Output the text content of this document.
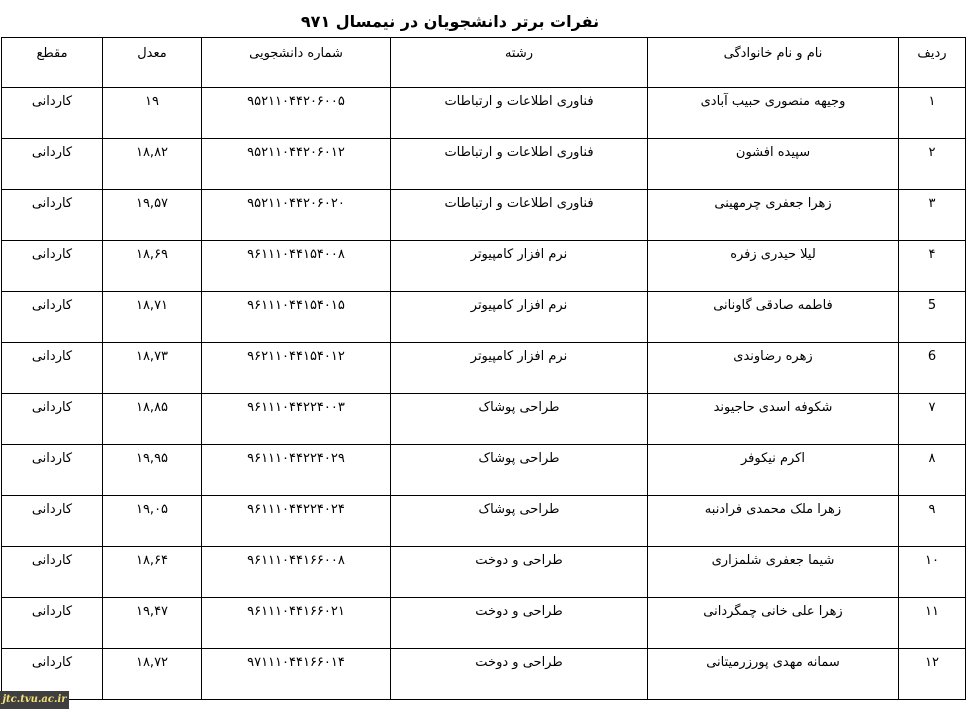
نفرات برتر دانشجویان در نیمسال ۹۷۱
ردیف	نام و نام خانوادگی	رشته	شماره دانشجویی	معدل	مقطع
۱	وجیهه منصوری حبیب آبادی	فناوری اطلاعات و ارتباطات	۹۵۲۱۱۰۴۴۲۰۶۰۰۵	۱۹	کاردانی
۲	سپیده افشون	فناوری اطلاعات و ارتباطات	۹۵۲۱۱۰۴۴۲۰۶۰۱۲	۱۸,۸۲	کاردانی
۳	زهرا جعفری چرمهینی	فناوری اطلاعات و ارتباطات	۹۵۲۱۱۰۴۴۲۰۶۰۲۰	۱۹,۵۷	کاردانی
۴	لیلا حیدری زفره	نرم افزار کامپیوتر	۹۶۱۱۱۰۴۴۱۵۴۰۰۸	۱۸,۶۹	کاردانی
5	فاطمه صادقی گاونانی	نرم افزار کامپیوتر	۹۶۱۱۱۰۴۴۱۵۴۰۱۵	۱۸,۷۱	کاردانی
6	زهره رضاوندی	نرم افزار کامپیوتر	۹۶۲۱۱۰۴۴۱۵۴۰۱۲	۱۸,۷۳	کاردانی
۷	شکوفه اسدی حاجیوند	طراحی پوشاک	۹۶۱۱۱۰۴۴۲۲۴۰۰۳	۱۸,۸۵	کاردانی
۸	اکرم نیکوفر	طراحی پوشاک	۹۶۱۱۱۰۴۴۲۲۴۰۲۹	۱۹,۹۵	کاردانی
۹	زهرا ملک محمدی فرادنبه	طراحی پوشاک	۹۶۱۱۱۰۴۴۲۲۴۰۲۴	۱۹,۰۵	کاردانی
۱۰	شیما جعفری شلمزاری	طراحی و دوخت	۹۶۱۱۱۰۴۴۱۶۶۰۰۸	۱۸,۶۴	کاردانی
۱۱	زهرا علی خانی چمگردانی	طراحی و دوخت	۹۶۱۱۱۰۴۴۱۶۶۰۲۱	۱۹,۴۷	کاردانی
۱۲	سمانه مهدی پورزرمیتانی	طراحی و دوخت	۹۷۱۱۱۰۴۴۱۶۶۰۱۴	۱۸,۷۲	کاردانی
jtc.tvu.ac.ir
